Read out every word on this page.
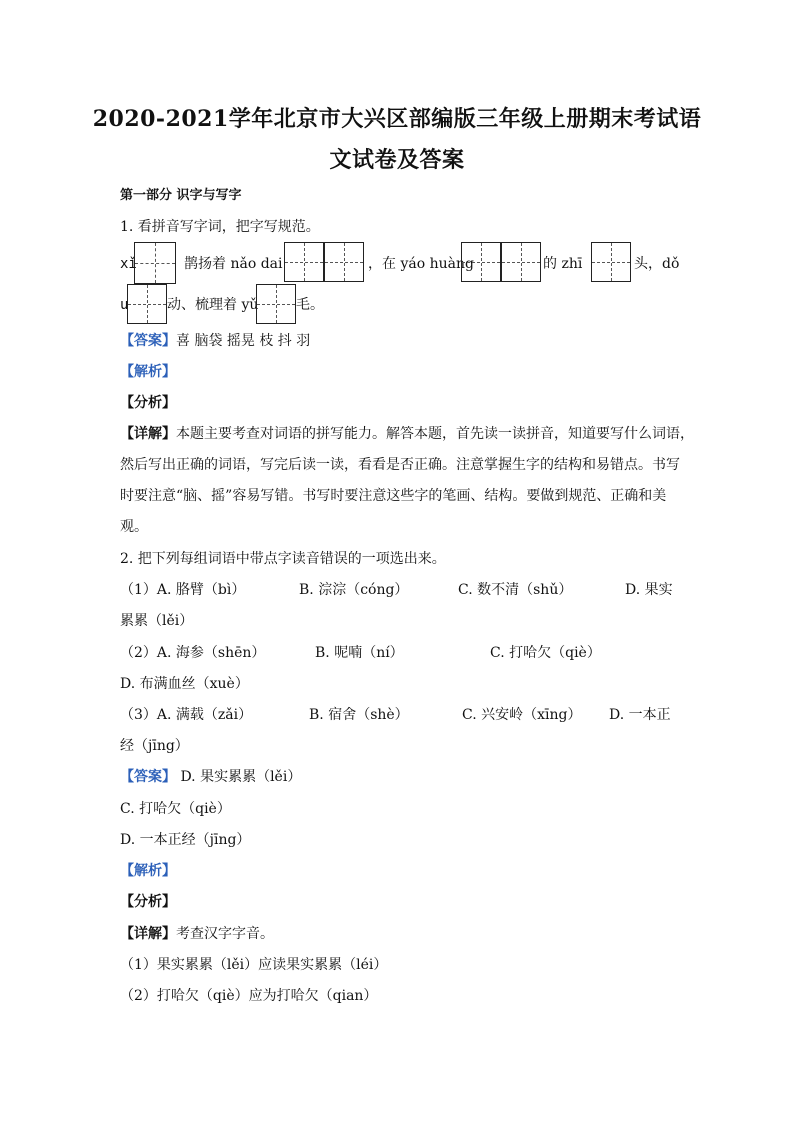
2020-2021学年北京市大兴区部编版三年级上册期末考试语
文试卷及答案
第一部分 识字与写字
1. 看拼音写字词，把字写规范。
xǐ	鹊扬着 nǎo dai	，在 yáo huàng	的 zhī	头，dǒ
u	动、梳理着 yǔ	毛。
【答案】喜 脑袋 摇晃 枝 抖 羽
【解析】
【分析】
【详解】本题主要考查对词语的拼写能力。解答本题，首先读一读拼音，知道要写什么词语，
然后写出正确的词语，写完后读一读，看看是否正确。注意掌握生字的结构和易错点。书写
时要注意“脑、摇”容易写错。书写时要注意这些字的笔画、结构。要做到规范、正确和美
观。
2. 把下列每组词语中带点字读音错误的一项选出来。
（1）A. 胳臂（bì）	B. 淙淙（cóng）	C. 数不清（shǔ）	D. 果实
累累（lěi）
（2）A. 海参（shēn）	B. 呢喃（ní）	C. 打哈欠（qiè）
D. 布满血丝（xuè）
（3）A. 满载（zǎi）	B. 宿舍（shè）	C. 兴安岭（xīng） D. 一本正
经（jīng）
【答案】 D. 果实累累（lěi）
C. 打哈欠（qiè）
D. 一本正经（jīng）
【解析】
【分析】
【详解】考查汉字字音。
（1）果实累累（lěi）应读果实累累（léi）
（2）打哈欠（qiè）应为打哈欠（qian）
